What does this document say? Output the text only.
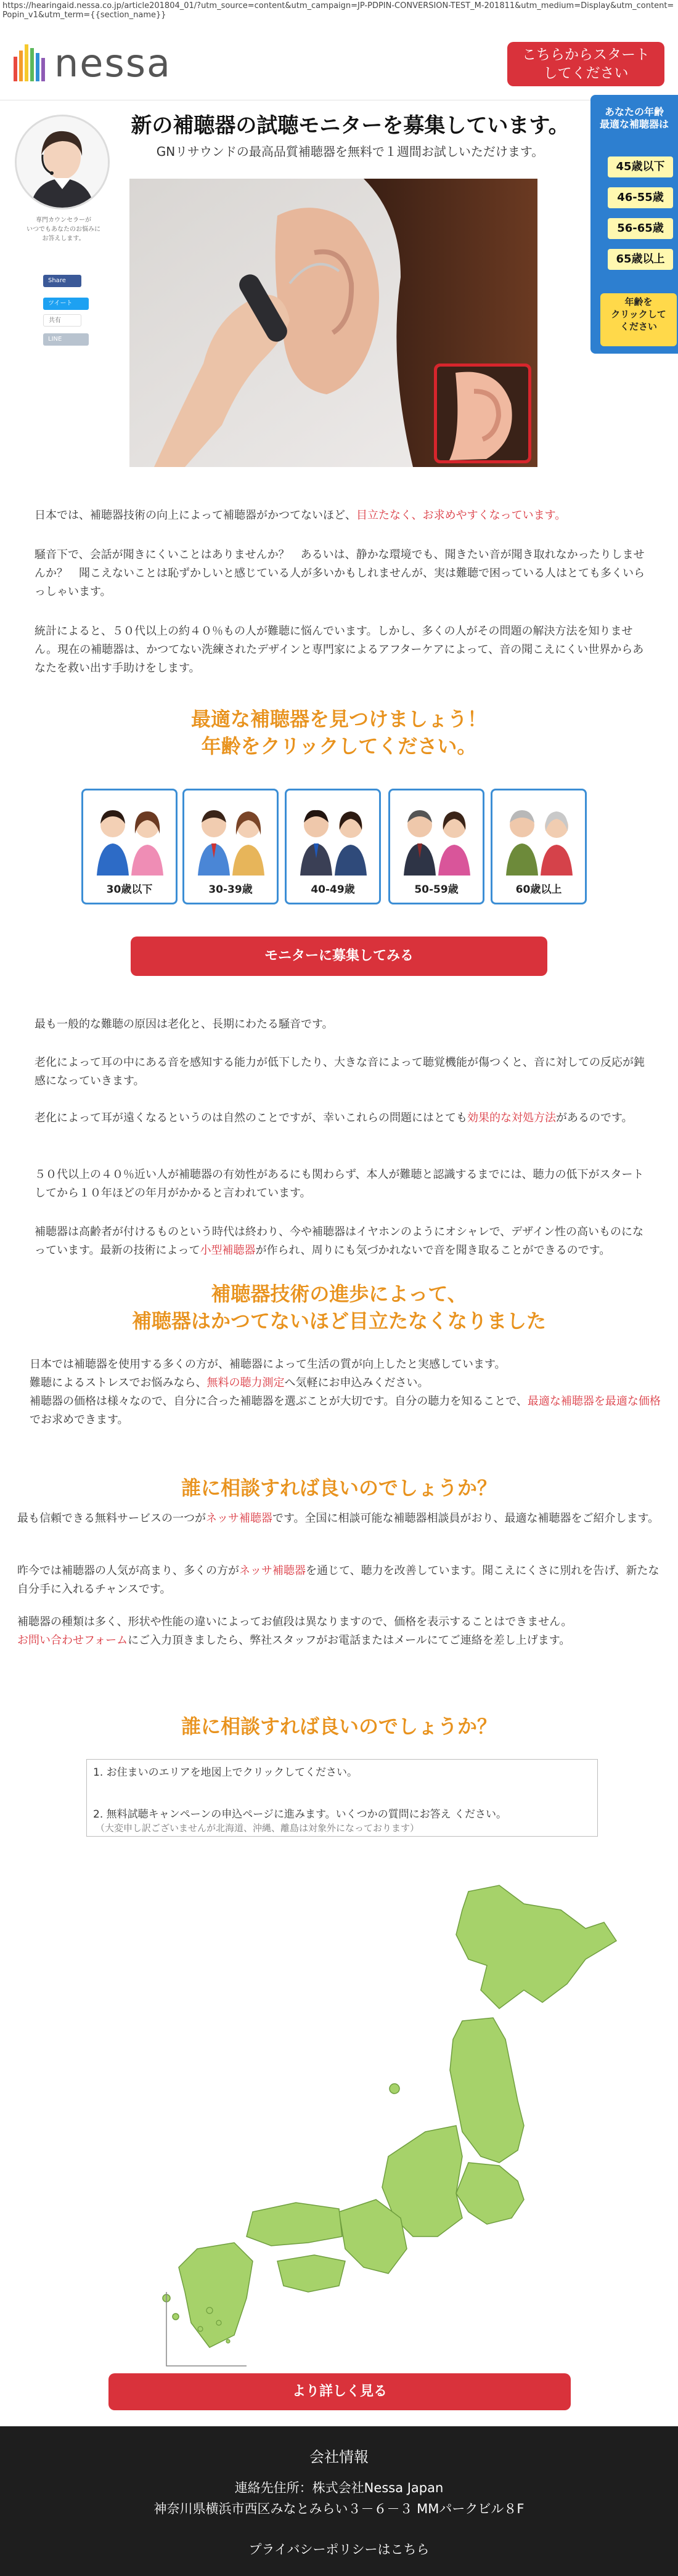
https://hearingaid.nessa.co.jp/article201804_01/?utm_source=content&utm_campaign=JP-PDPIN-CONVERSION-TEST_M-201811&utm_medium=Display&utm_content=Popin_v1&utm_term={{section_name}}
nessa	こちらからスタート
してください
専門カウンセラーが
いつでもあなたのお悩みに
お答えします。
Share
ツイート
共有
LINE
新の補聴器の試聴モニターを募集しています。
GNリサウンドの最高品質補聴器を無料で１週間お試しいただけます。
あなたの年齢
最適な補聴器は
45歳以下
46-55歳
56-65歳
65歳以上
年齢を
クリックして
ください
日本では、補聴器技術の向上によって補聴器がかつてないほど、目立たなく、お求めやすくなっています。
騒音下で、会話が聞きにくいことはありませんか？　あるいは、静かな環境でも、聞きたい音が聞き取れなかったりしませんか？　聞こえないことは恥ずかしいと感じている人が多いかもしれませんが、実は難聴で困っている人はとても多くいらっしゃいます。
統計によると、５０代以上の約４０％もの人が難聴に悩んでいます。しかし、多くの人がその問題の解決方法を知りません。現在の補聴器は、かつてない洗練されたデザインと専門家によるアフターケアによって、音の聞こえにくい世界からあなたを救い出す手助けをします。
最適な補聴器を見つけましょう！
年齢をクリックしてください。
30歳以下	30-39歳	40-49歳	50-59歳	60歳以上
モニターに募集してみる
最も一般的な難聴の原因は老化と、長期にわたる騒音です。
老化によって耳の中にある音を感知する能力が低下したり、大きな音によって聴覚機能が傷つくと、音に対しての反応が鈍感になっていきます。
老化によって耳が遠くなるというのは自然のことですが、幸いこれらの問題にはとても効果的な対処方法があるのです。
５０代以上の４０％近い人が補聴器の有効性があるにも関わらず、本人が難聴と認識するまでには、聴力の低下がスタートしてから１０年ほどの年月がかかると言われています。
補聴器は高齢者が付けるものという時代は終わり、今や補聴器はイヤホンのようにオシャレで、デザイン性の高いものになっています。最新の技術によって小型補聴器が作られ、周りにも気づかれないで音を聞き取ることができるのです。
補聴器技術の進歩によって、
補聴器はかつてないほど目立たなくなりました
日本では補聴器を使用する多くの方が、補聴器によって生活の質が向上したと実感しています。
難聴によるストレスでお悩みなら、無料の聴力測定へ気軽にお申込みください。
補聴器の価格は様々なので、自分に合った補聴器を選ぶことが大切です。自分の聴力を知ることで、最適な補聴器を最適な価格でお求めできます。
誰に相談すれば良いのでしょうか？
最も信頼できる無料サービスの一つがネッサ補聴器です。全国に相談可能な補聴器相談員がおり、最適な補聴器をご紹介します。
昨今では補聴器の人気が高まり、多くの方がネッサ補聴器を通じて、聴力を改善しています。聞こえにくさに別れを告げ、新たな自分手に入れるチャンスです。
補聴器の種類は多く、形状や性能の違いによってお値段は異なりますので、価格を表示することはできません。
お問い合わせフォームにご入力頂きましたら、弊社スタッフがお電話またはメールにてご連絡を差し上げます。
誰に相談すれば良いのでしょうか？
1. お住まいのエリアを地図上でクリックしてください。
2. 無料試聴キャンペーンの申込ページに進みます。いくつかの質問にお答え ください。
（大変申し訳ございませんが北海道、沖縄、離島は対象外になっております）
より詳しく見る
会社情報
連絡先住所：株式会社Nessa Japan
神奈川県横浜市西区みなとみらい３－６－３ MMパークビル８F
プライバシーポリシーはこちら
